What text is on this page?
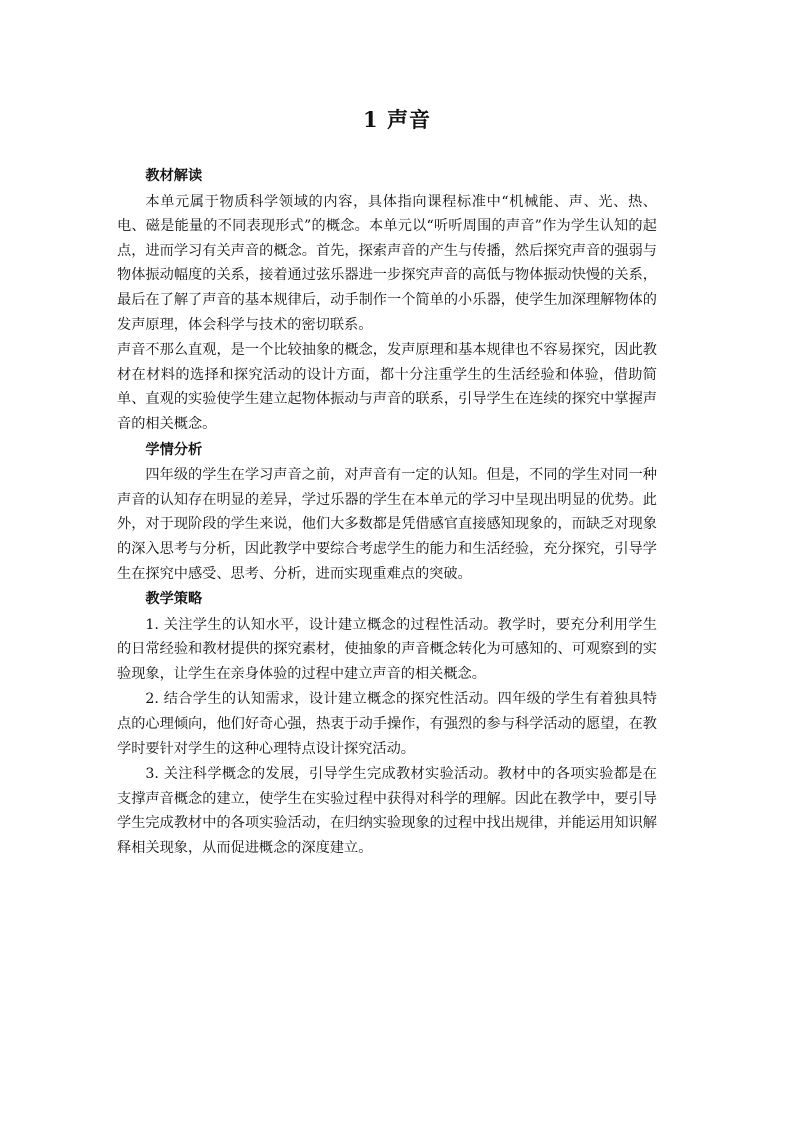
1 声音
教材解读
本单元属于物质科学领域的内容，具体指向课程标准中“机械能、声、光、热、电、磁是能量的不同表现形式”的概念。本单元以“听听周围的声音”作为学生认知的起点，进而学习有关声音的概念。首先，探索声音的产生与传播，然后探究声音的强弱与物体振动幅度的关系，接着通过弦乐器进一步探究声音的高低与物体振动快慢的关系，最后在了解了声音的基本规律后，动手制作一个简单的小乐器，使学生加深理解物体的发声原理，体会科学与技术的密切联系。
声音不那么直观，是一个比较抽象的概念，发声原理和基本规律也不容易探究，因此教材在材料的选择和探究活动的设计方面，都十分注重学生的生活经验和体验，借助简单、直观的实验使学生建立起物体振动与声音的联系，引导学生在连续的探究中掌握声音的相关概念。
学情分析
四年级的学生在学习声音之前，对声音有一定的认知。但是，不同的学生对同一种声音的认知存在明显的差异，学过乐器的学生在本单元的学习中呈现出明显的优势。此外，对于现阶段的学生来说，他们大多数都是凭借感官直接感知现象的，而缺乏对现象的深入思考与分析，因此教学中要综合考虑学生的能力和生活经验，充分探究，引导学生在探究中感受、思考、分析，进而实现重难点的突破。
教学策略
1. 关注学生的认知水平，设计建立概念的过程性活动。教学时，要充分利用学生的日常经验和教材提供的探究素材，使抽象的声音概念转化为可感知的、可观察到的实验现象，让学生在亲身体验的过程中建立声音的相关概念。
2. 结合学生的认知需求，设计建立概念的探究性活动。四年级的学生有着独具特点的心理倾向，他们好奇心强，热衷于动手操作，有强烈的参与科学活动的愿望，在教学时要针对学生的这种心理特点设计探究活动。
3. 关注科学概念的发展，引导学生完成教材实验活动。教材中的各项实验都是在支撑声音概念的建立，使学生在实验过程中获得对科学的理解。因此在教学中，要引导学生完成教材中的各项实验活动，在归纳实验现象的过程中找出规律，并能运用知识解释相关现象，从而促进概念的深度建立。
